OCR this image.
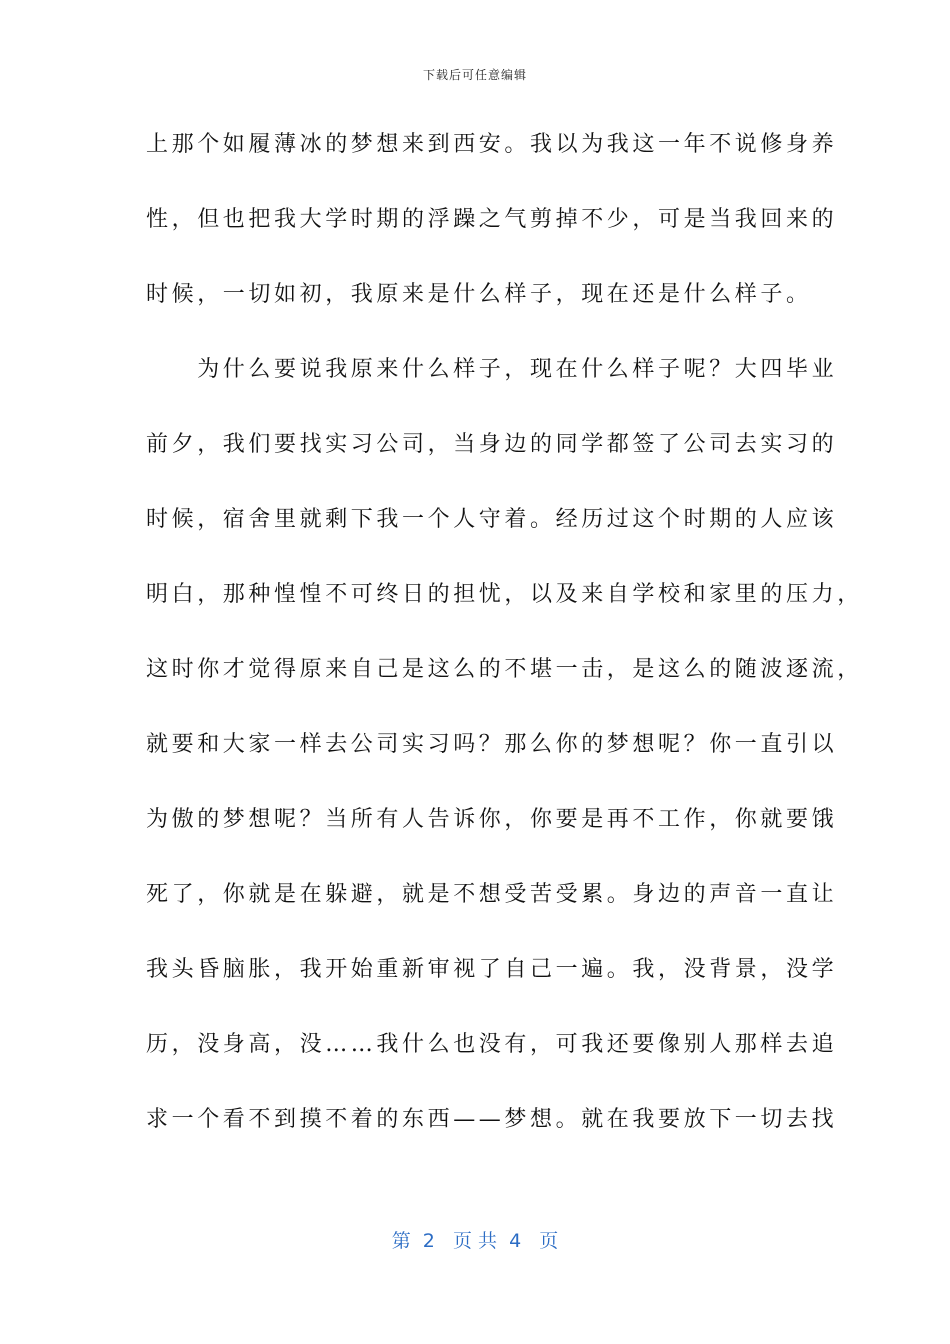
下载后可任意编辑
上那个如履薄冰的梦想来到西安。我以为我这一年不说修身养
性，但也把我大学时期的浮躁之气剪掉不少，可是当我回来的
时候，一切如初，我原来是什么样子，现在还是什么样子。
　　为什么要说我原来什么样子，现在什么样子呢？大四毕业
前夕，我们要找实习公司，当身边的同学都签了公司去实习的
时候，宿舍里就剩下我一个人守着。经历过这个时期的人应该
明白，那种惶惶不可终日的担忧，以及来自学校和家里的压力，
这时你才觉得原来自己是这么的不堪一击，是这么的随波逐流，
就要和大家一样去公司实习吗？那么你的梦想呢？你一直引以
为傲的梦想呢？当所有人告诉你，你要是再不工作，你就要饿
死了，你就是在躲避，就是不想受苦受累。身边的声音一直让
我头昏脑胀，我开始重新审视了自己一遍。我，没背景，没学
历，没身高，没……我什么也没有，可我还要像别人那样去追
求一个看不到摸不着的东西——梦想。就在我要放下一切去找
第  2   页 共  4   页
